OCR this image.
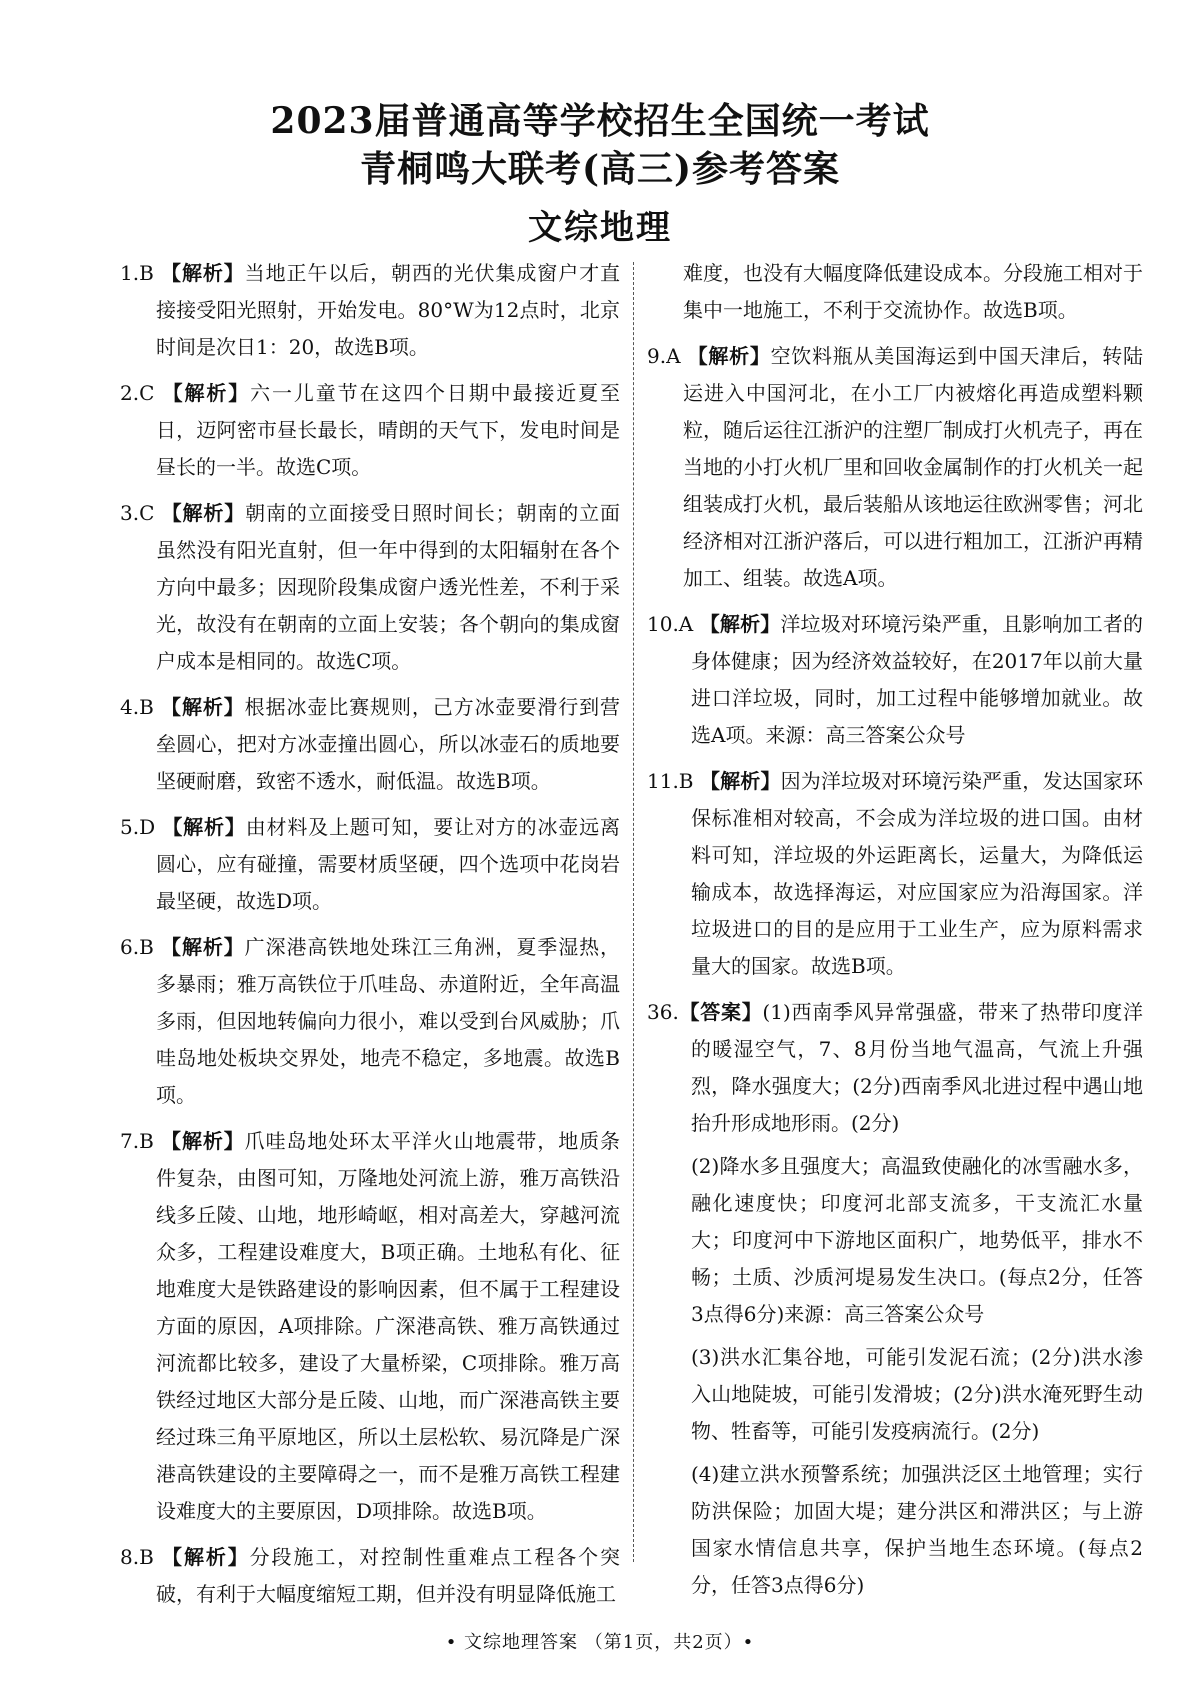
2023届普通高等学校招生全国统一考试
青桐鸣大联考(高三)参考答案
文综地理

1.B 【解析】当地正午以后，朝西的光伏集成窗户才直接接受阳光照射，开始发电。80°W为12点时，北京时间是次日1：20，故选B项。

2.C 【解析】六一儿童节在这四个日期中最接近夏至日，迈阿密市昼长最长，晴朗的天气下，发电时间是昼长的一半。故选C项。

3.C 【解析】朝南的立面接受日照时间长；朝南的立面虽然没有阳光直射，但一年中得到的太阳辐射在各个方向中最多；因现阶段集成窗户透光性差，不利于采光，故没有在朝南的立面上安装；各个朝向的集成窗户成本是相同的。故选C项。

4.B 【解析】根据冰壶比赛规则，己方冰壶要滑行到营垒圆心，把对方冰壶撞出圆心，所以冰壶石的质地要坚硬耐磨，致密不透水，耐低温。故选B项。

5.D 【解析】由材料及上题可知，要让对方的冰壶远离圆心，应有碰撞，需要材质坚硬，四个选项中花岗岩最坚硬，故选D项。

6.B 【解析】广深港高铁地处珠江三角洲，夏季湿热，多暴雨；雅万高铁位于爪哇岛、赤道附近，全年高温多雨，但因地转偏向力很小，难以受到台风威胁；爪哇岛地处板块交界处，地壳不稳定，多地震。故选B项。

7.B 【解析】爪哇岛地处环太平洋火山地震带，地质条件复杂，由图可知，万隆地处河流上游，雅万高铁沿线多丘陵、山地，地形崎岖，相对高差大，穿越河流众多，工程建设难度大，B项正确。土地私有化、征地难度大是铁路建设的影响因素，但不属于工程建设方面的原因，A项排除。广深港高铁、雅万高铁通过河流都比较多，建设了大量桥梁，C项排除。雅万高铁经过地区大部分是丘陵、山地，而广深港高铁主要经过珠三角平原地区，所以土层松软、易沉降是广深港高铁建设的主要障碍之一，而不是雅万高铁工程建设难度大的主要原因，D项排除。故选B项。

8.B 【解析】分段施工，对控制性重难点工程各个突破，有利于大幅度缩短工期，但并没有明显降低施工

难度，也没有大幅度降低建设成本。分段施工相对于集中一地施工，不利于交流协作。故选B项。

9.A 【解析】空饮料瓶从美国海运到中国天津后，转陆运进入中国河北，在小工厂内被熔化再造成塑料颗粒，随后运往江浙沪的注塑厂制成打火机壳子，再在当地的小打火机厂里和回收金属制作的打火机关一起组装成打火机，最后装船从该地运往欧洲零售；河北经济相对江浙沪落后，可以进行粗加工，江浙沪再精加工、组装。故选A项。

10.A 【解析】洋垃圾对环境污染严重，且影响加工者的身体健康；因为经济效益较好，在2017年以前大量进口洋垃圾，同时，加工过程中能够增加就业。故选A项。来源：高三答案公众号

11.B 【解析】因为洋垃圾对环境污染严重，发达国家环保标准相对较高，不会成为洋垃圾的进口国。由材料可知，洋垃圾的外运距离长，运量大，为降低运输成本，故选择海运，对应国家应为沿海国家。洋垃圾进口的目的是应用于工业生产，应为原料需求量大的国家。故选B项。

36.【答案】(1)西南季风异常强盛，带来了热带印度洋的暖湿空气，7、8月份当地气温高，气流上升强烈，降水强度大；(2分)西南季风北进过程中遇山地抬升形成地形雨。(2分)

(2)降水多且强度大；高温致使融化的冰雪融水多，融化速度快；印度河北部支流多，干支流汇水量大；印度河中下游地区面积广，地势低平，排水不畅；土质、沙质河堤易发生决口。(每点2分，任答3点得6分)来源：高三答案公众号

(3)洪水汇集谷地，可能引发泥石流；(2分)洪水渗入山地陡坡，可能引发滑坡；(2分)洪水淹死野生动物、牲畜等，可能引发疫病流行。(2分)

(4)建立洪水预警系统；加强洪泛区土地管理；实行防洪保险；加固大堤；建分洪区和滞洪区；与上游国家水情信息共享，保护当地生态环境。(每点2分，任答3点得6分)

• 文综地理答案 （第1页，共2页）•
